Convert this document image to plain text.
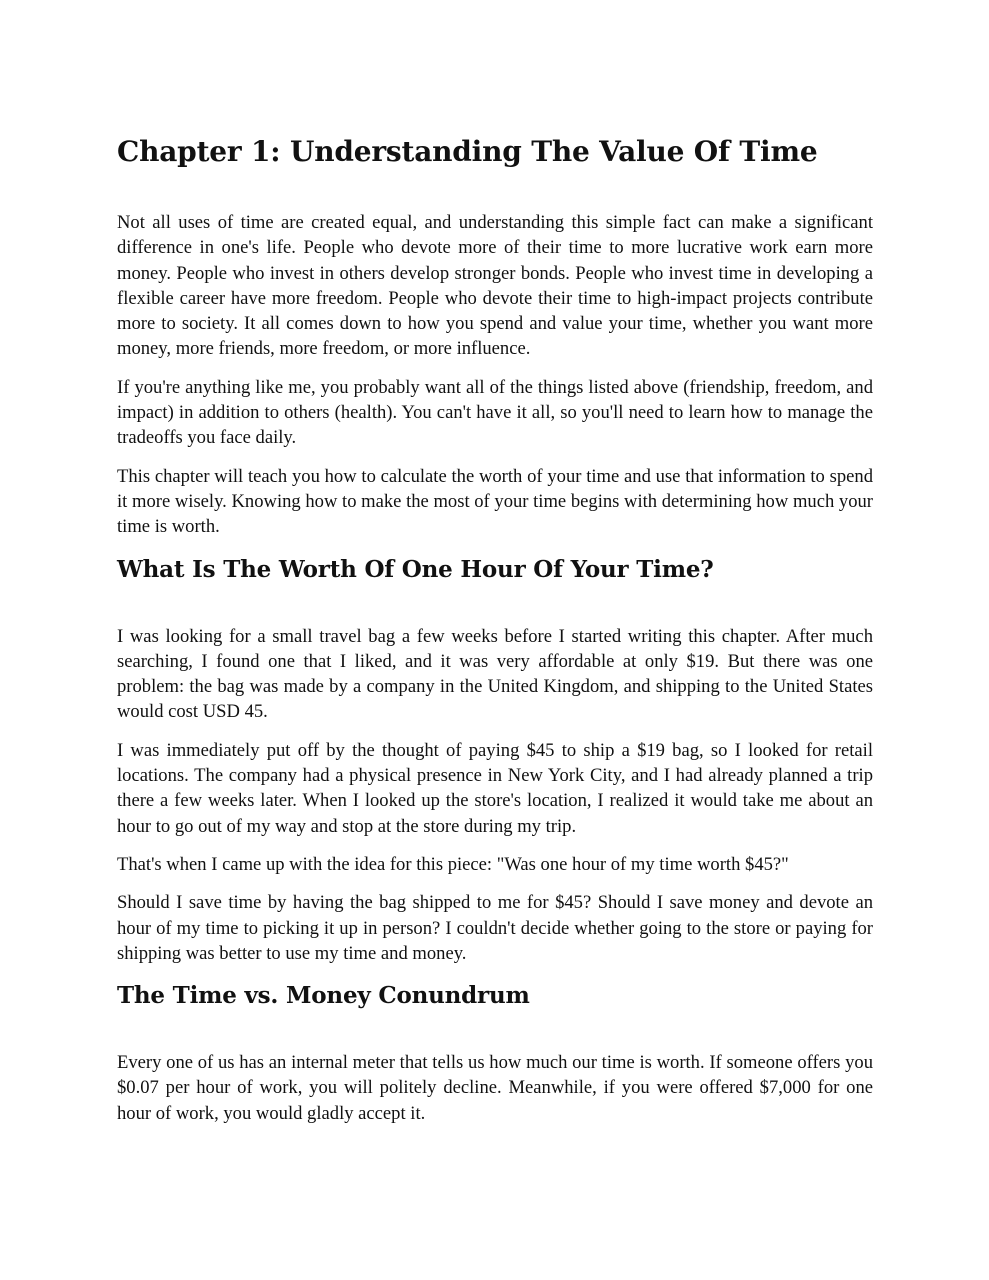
Chapter 1: Understanding The Value Of Time

Not all uses of time are created equal, and understanding this simple fact can make a significant difference in one's life. People who devote more of their time to more lucrative work earn more money. People who invest in others develop stronger bonds. People who invest time in developing a flexible career have more freedom. People who devote their time to high-impact projects contribute more to society. It all comes down to how you spend and value your time, whether you want more money, more friends, more freedom, or more influence.

If you're anything like me, you probably want all of the things listed above (friendship, freedom, and impact) in addition to others (health). You can't have it all, so you'll need to learn how to manage the tradeoffs you face daily.

This chapter will teach you how to calculate the worth of your time and use that information to spend it more wisely. Knowing how to make the most of your time begins with determining how much your time is worth.

What Is The Worth Of One Hour Of Your Time?

I was looking for a small travel bag a few weeks before I started writing this chapter. After much searching, I found one that I liked, and it was very affordable at only $19. But there was one problem: the bag was made by a company in the United Kingdom, and shipping to the United States would cost USD 45.

I was immediately put off by the thought of paying $45 to ship a $19 bag, so I looked for retail locations. The company had a physical presence in New York City, and I had already planned a trip there a few weeks later. When I looked up the store's location, I realized it would take me about an hour to go out of my way and stop at the store during my trip.

That's when I came up with the idea for this piece: "Was one hour of my time worth $45?"

Should I save time by having the bag shipped to me for $45? Should I save money and devote an hour of my time to picking it up in person? I couldn't decide whether going to the store or paying for shipping was better to use my time and money.

The Time vs. Money Conundrum

Every one of us has an internal meter that tells us how much our time is worth. If someone offers you $0.07 per hour of work, you will politely decline. Meanwhile, if you were offered $7,000 for one hour of work, you would gladly accept it.
